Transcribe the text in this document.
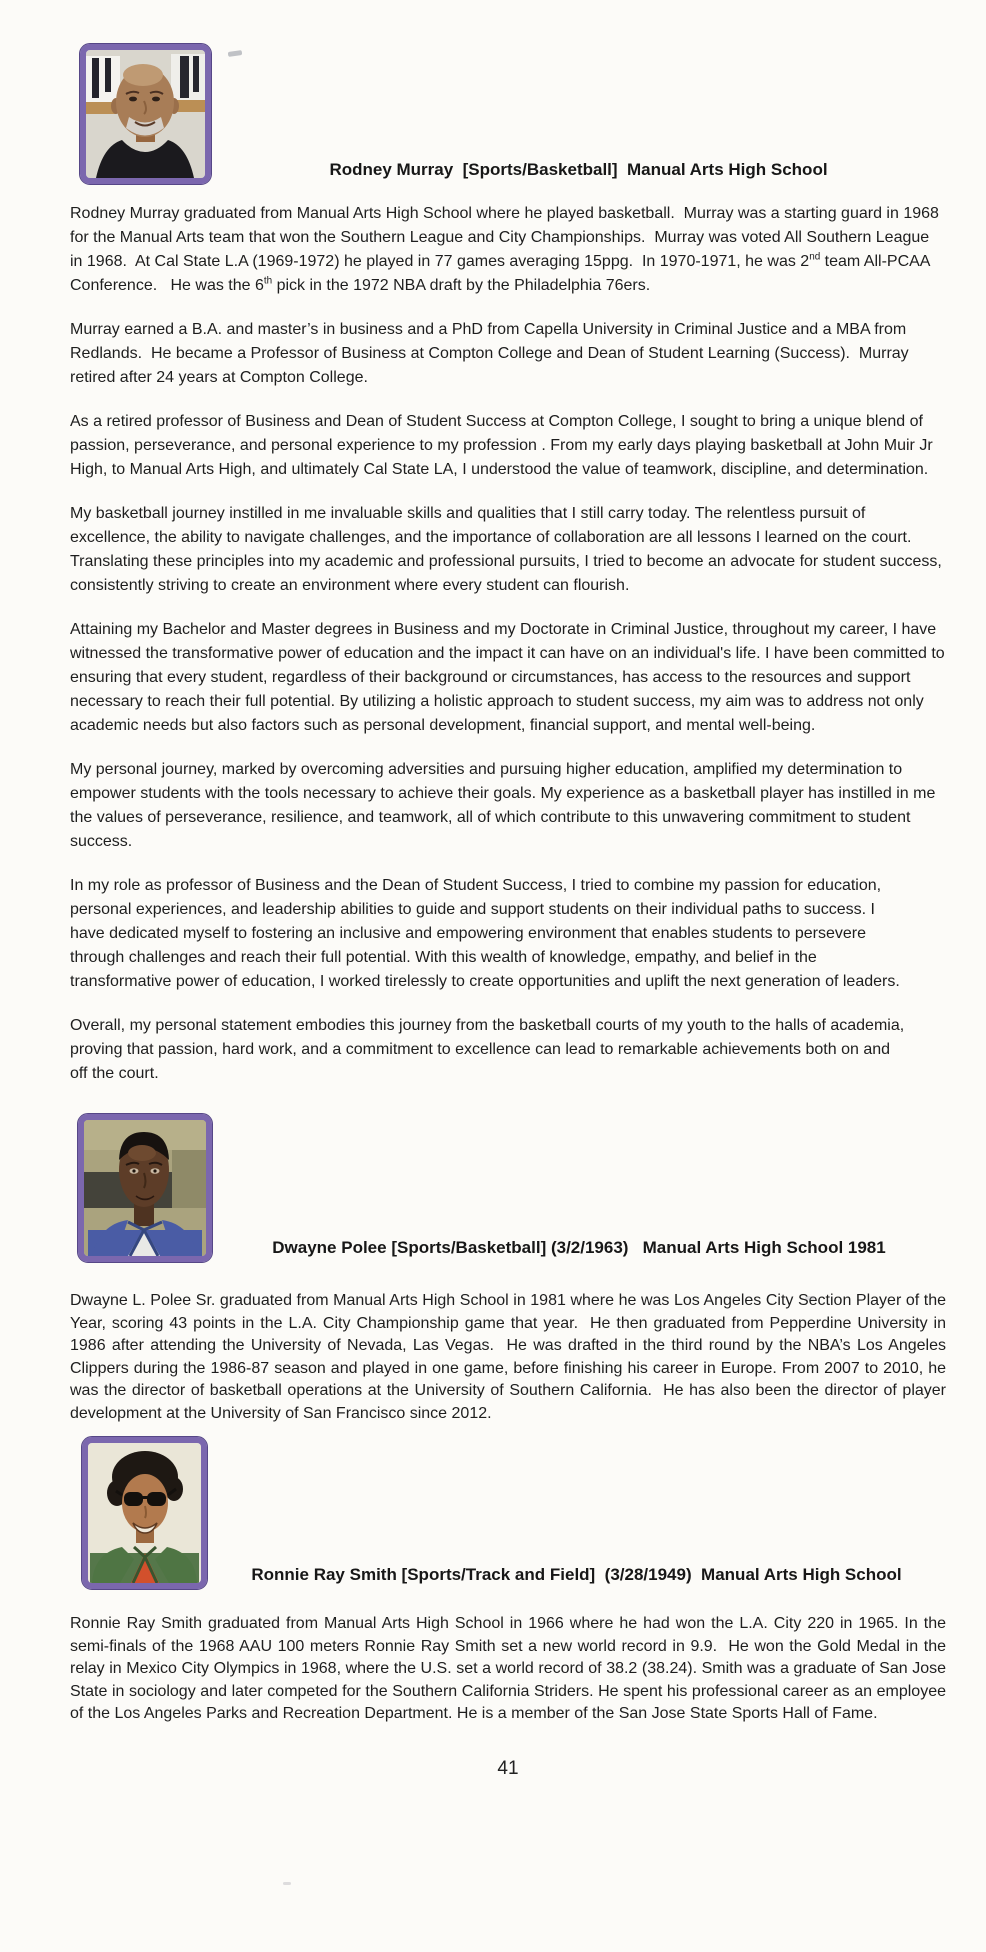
Rodney Murray  [Sports/Basketball]  Manual Arts High School

Rodney Murray graduated from Manual Arts High School where he played basketball.  Murray was a starting guard in 1968 for the Manual Arts team that won the Southern League and City Championships.  Murray was voted All Southern League in 1968.  At Cal State L.A (1969-1972) he played in 77 games averaging 15ppg.  In 1970-1971, he was 2nd team All-PCAA Conference.   He was the 6th pick in the 1972 NBA draft by the Philadelphia 76ers.

Murray earned a B.A. and master’s in business and a PhD from Capella University in Criminal Justice and a MBA from Redlands.  He became a Professor of Business at Compton College and Dean of Student Learning (Success).  Murray retired after 24 years at Compton College.

As a retired professor of Business and Dean of Student Success at Compton College, I sought to bring a unique blend of passion, perseverance, and personal experience to my profession . From my early days playing basketball at John Muir Jr High, to Manual Arts High, and ultimately Cal State LA, I understood the value of teamwork, discipline, and determination.

My basketball journey instilled in me invaluable skills and qualities that I still carry today. The relentless pursuit of excellence, the ability to navigate challenges, and the importance of collaboration are all lessons I learned on the court. Translating these principles into my academic and professional pursuits, I tried to become an advocate for student success, consistently striving to create an environment where every student can flourish.

Attaining my Bachelor and Master degrees in Business and my Doctorate in Criminal Justice, throughout my career, I have witnessed the transformative power of education and the impact it can have on an individual's life. I have been committed to ensuring that every student, regardless of their background or circumstances, has access to the resources and support necessary to reach their full potential. By utilizing a holistic approach to student success, my aim was to address not only academic needs but also factors such as personal development, financial support, and mental well-being.

My personal journey, marked by overcoming adversities and pursuing higher education, amplified my determination to empower students with the tools necessary to achieve their goals. My experience as a basketball player has instilled in me the values of perseverance, resilience, and teamwork, all of which contribute to this unwavering commitment to student success.

In my role as professor of Business and the Dean of Student Success, I tried to combine my passion for education, personal experiences, and leadership abilities to guide and support students on their individual paths to success. I have dedicated myself to fostering an inclusive and empowering environment that enables students to persevere through challenges and reach their full potential. With this wealth of knowledge, empathy, and belief in the transformative power of education, I worked tirelessly to create opportunities and uplift the next generation of leaders.

Overall, my personal statement embodies this journey from the basketball courts of my youth to the halls of academia, proving that passion, hard work, and a commitment to excellence can lead to remarkable achievements both on and off the court.

Dwayne Polee [Sports/Basketball] (3/2/1963)   Manual Arts High School 1981

Dwayne L. Polee Sr. graduated from Manual Arts High School in 1981 where he was Los Angeles City Section Player of the Year, scoring 43 points in the L.A. City Championship game that year.  He then graduated from Pepperdine University in 1986 after attending the University of Nevada, Las Vegas.  He was drafted in the third round by the NBA’s Los Angeles Clippers during the 1986-87 season and played in one game, before finishing his career in Europe. From 2007 to 2010, he was the director of basketball operations at the University of Southern California.  He has also been the director of player development at the University of San Francisco since 2012.

Ronnie Ray Smith [Sports/Track and Field]  (3/28/1949)  Manual Arts High School

Ronnie Ray Smith graduated from Manual Arts High School in 1966 where he had won the L.A. City 220 in 1965. In the semi-finals of the 1968 AAU 100 meters Ronnie Ray Smith set a new world record in 9.9.  He won the Gold Medal in the relay in Mexico City Olympics in 1968, where the U.S. set a world record of 38.2 (38.24). Smith was a graduate of San Jose State in sociology and later competed for the Southern California Striders. He spent his professional career as an employee of the Los Angeles Parks and Recreation Department. He is a member of the San Jose State Sports Hall of Fame.

41
